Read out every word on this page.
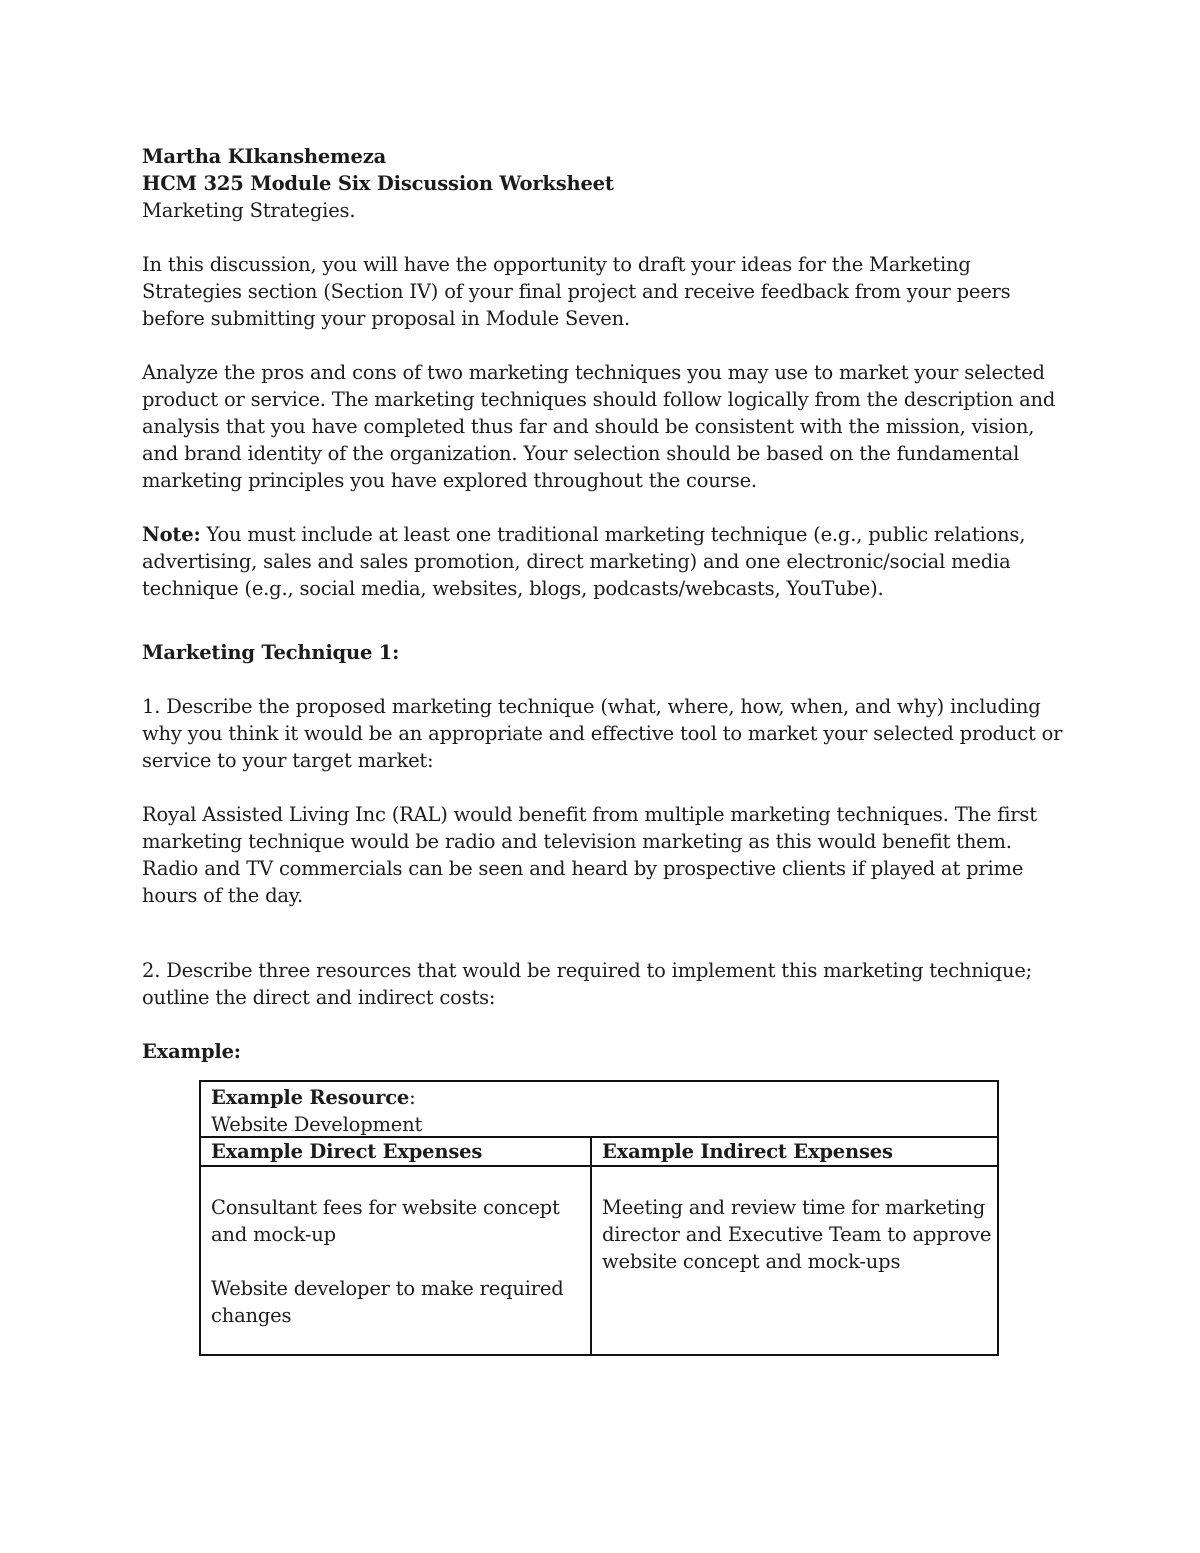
Martha KIkanshemeza

HCM 325 Module Six Discussion Worksheet

Marketing Strategies.

In this discussion, you will have the opportunity to draft your ideas for the Marketing Strategies section (Section IV) of your final project and receive feedback from your peers before submitting your proposal in Module Seven.

Analyze the pros and cons of two marketing techniques you may use to market your selected product or service. The marketing techniques should follow logically from the description and analysis that you have completed thus far and should be consistent with the mission, vision, and brand identity of the organization. Your selection should be based on the fundamental marketing principles you have explored throughout the course.

Note: You must include at least one traditional marketing technique (e.g., public relations, advertising, sales and sales promotion, direct marketing) and one electronic/social media technique (e.g., social media, websites, blogs, podcasts/webcasts, YouTube).

Marketing Technique 1:

1. Describe the proposed marketing technique (what, where, how, when, and why) including why you think it would be an appropriate and effective tool to market your selected product or service to your target market:

Royal Assisted Living Inc (RAL) would benefit from multiple marketing techniques. The first marketing technique would be radio and television marketing as this would benefit them. Radio and TV commercials can be seen and heard by prospective clients if played at prime hours of the day.

2. Describe three resources that would be required to implement this marketing technique; outline the direct and indirect costs:

Example:

Example Resource:
Website Development
Example Direct Expenses	Example Indirect Expenses

Consultant fees for website concept and mock-up

Website developer to make required changes

Meeting and review time for marketing director and Executive Team to approve website concept and mock-ups
